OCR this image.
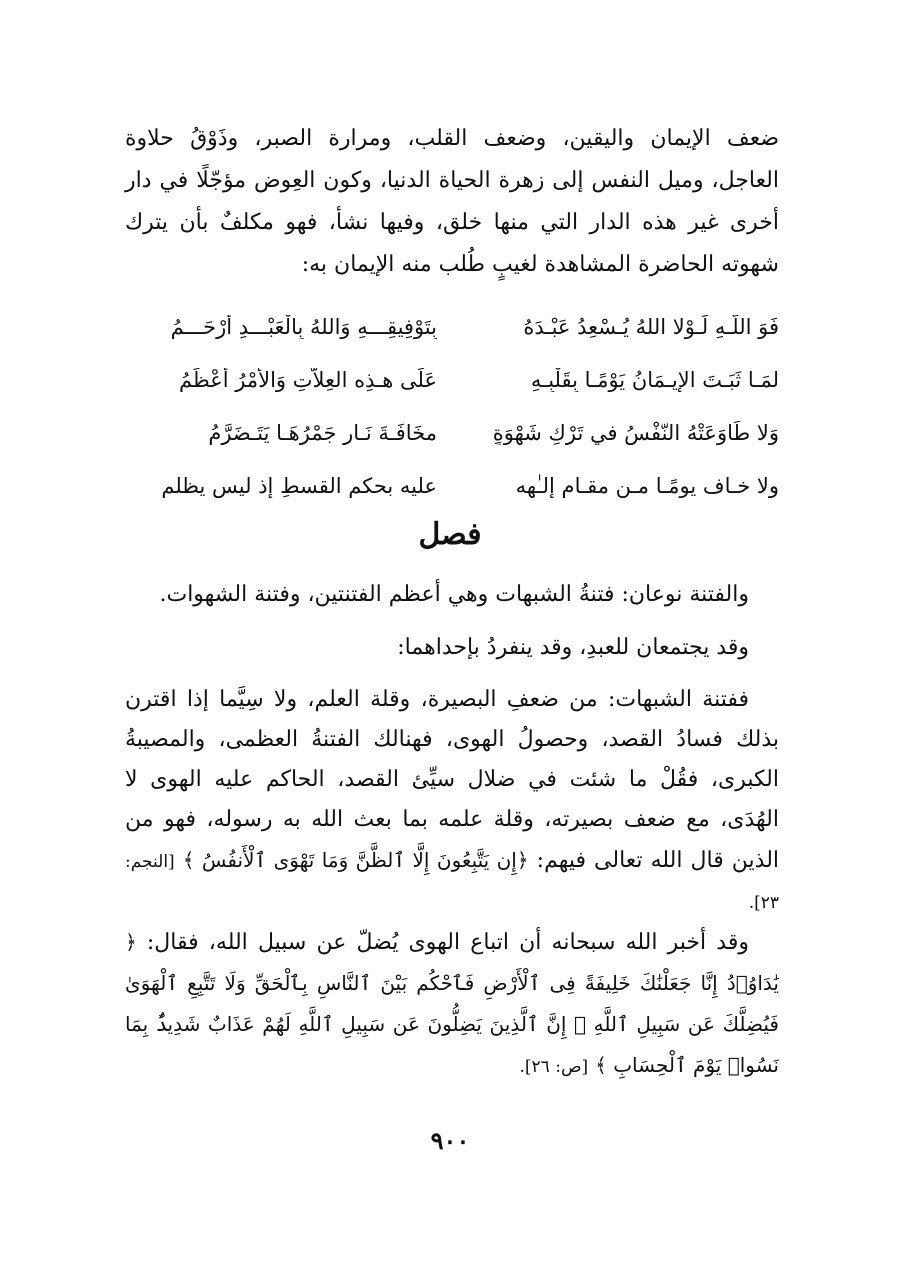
ضعف الإيمان واليقين، وضعف القلب، ومرارة الصبر، وذَوْقُ حلاوة العاجل، وميل النفس إلى زهرة الحياة الدنيا، وكون العِوض مؤجّلًا في دار أخرى غير هذه الدار التي منها خلق، وفيها نشأ، فهو مكلفٌ بأن يترك شهوته الحاضرة المشاهدة لغيبٍ طُلب منه الإيمان به:

فَوَ اللّـهِ لَـوْلا اللهُ يُـسْعِدُ عَبْـدَهُ
بِتَوْفِيقِـــهِ وَاللهُ بِالْعَبْـــدِ أَرْحَـــمُ
لمَـا ثَبَـتَ الإيـمَانُ يَوْمًـا بِقَلْبِـهِ
عَلَى هـذِه العِلاّتِ وَالأَمْرُ أَعْظَمُ
وَلا طَاوَعَتْهُ النّفْسُ في تَرْكِ شَهْوَةٍ
مخَافَـةَ نَـارٍ جَمْرُهَـا يَتَـضَرَّمُ
ولا خـاف يومًـا مـن مقـام إلـٰهه
عليه بحكمِ القسطِ إذ ليس يظلم
فصل

والفتنة نوعان: فتنةُ الشبهات وهي أعظم الفتنتين، وفتنة الشهوات.

وقد يجتمعان للعبدِ، وقد ينفردُ بإحداهما:

ففتنة الشبهات: من ضعفِ البصيرة، وقلة العلم، ولا سِيَّما إذا اقترن بذلك فسادُ القصد، وحصولُ الهوى، فهنالك الفتنةُ العظمى، والمصيبةُ الكبرى، فقُلْ ما شئت في ضلال سيِّئ القصد، الحاكم عليه الهوى لا الهُدَى، مع ضعف بصيرته، وقلة علمه بما بعث الله به رسوله، فهو من الذين قال الله تعالى فيهم: ﴿إِن يَتَّبِعُونَ إِلَّا ٱلظَّنَّ وَمَا تَهْوَى ٱلْأَنفُسُ ﴾ [النجم: ٢٣].

وقد أخبر الله سبحانه أن اتباع الهوى يُضلّ عن سبيل الله، فقال: ﴿ يَٰدَاوُۥدُ إِنَّا جَعَلْنَٰكَ خَلِيفَةً فِى ٱلْأَرْضِ فَٱحْكُم بَيْنَ ٱلنَّاسِ بِٱلْحَقِّ وَلَا تَتَّبِعِ ٱلْهَوَىٰ فَيُضِلَّكَ عَن سَبِيلِ ٱللَّهِ ۚ إِنَّ ٱلَّذِينَ يَضِلُّونَ عَن سَبِيلِ ٱللَّهِ لَهُمْ عَذَابٌ شَدِيدٌۢ بِمَا نَسُوا۟ يَوْمَ ٱلْحِسَابِ ﴾ [ص: ٢٦].

٩٠٠
